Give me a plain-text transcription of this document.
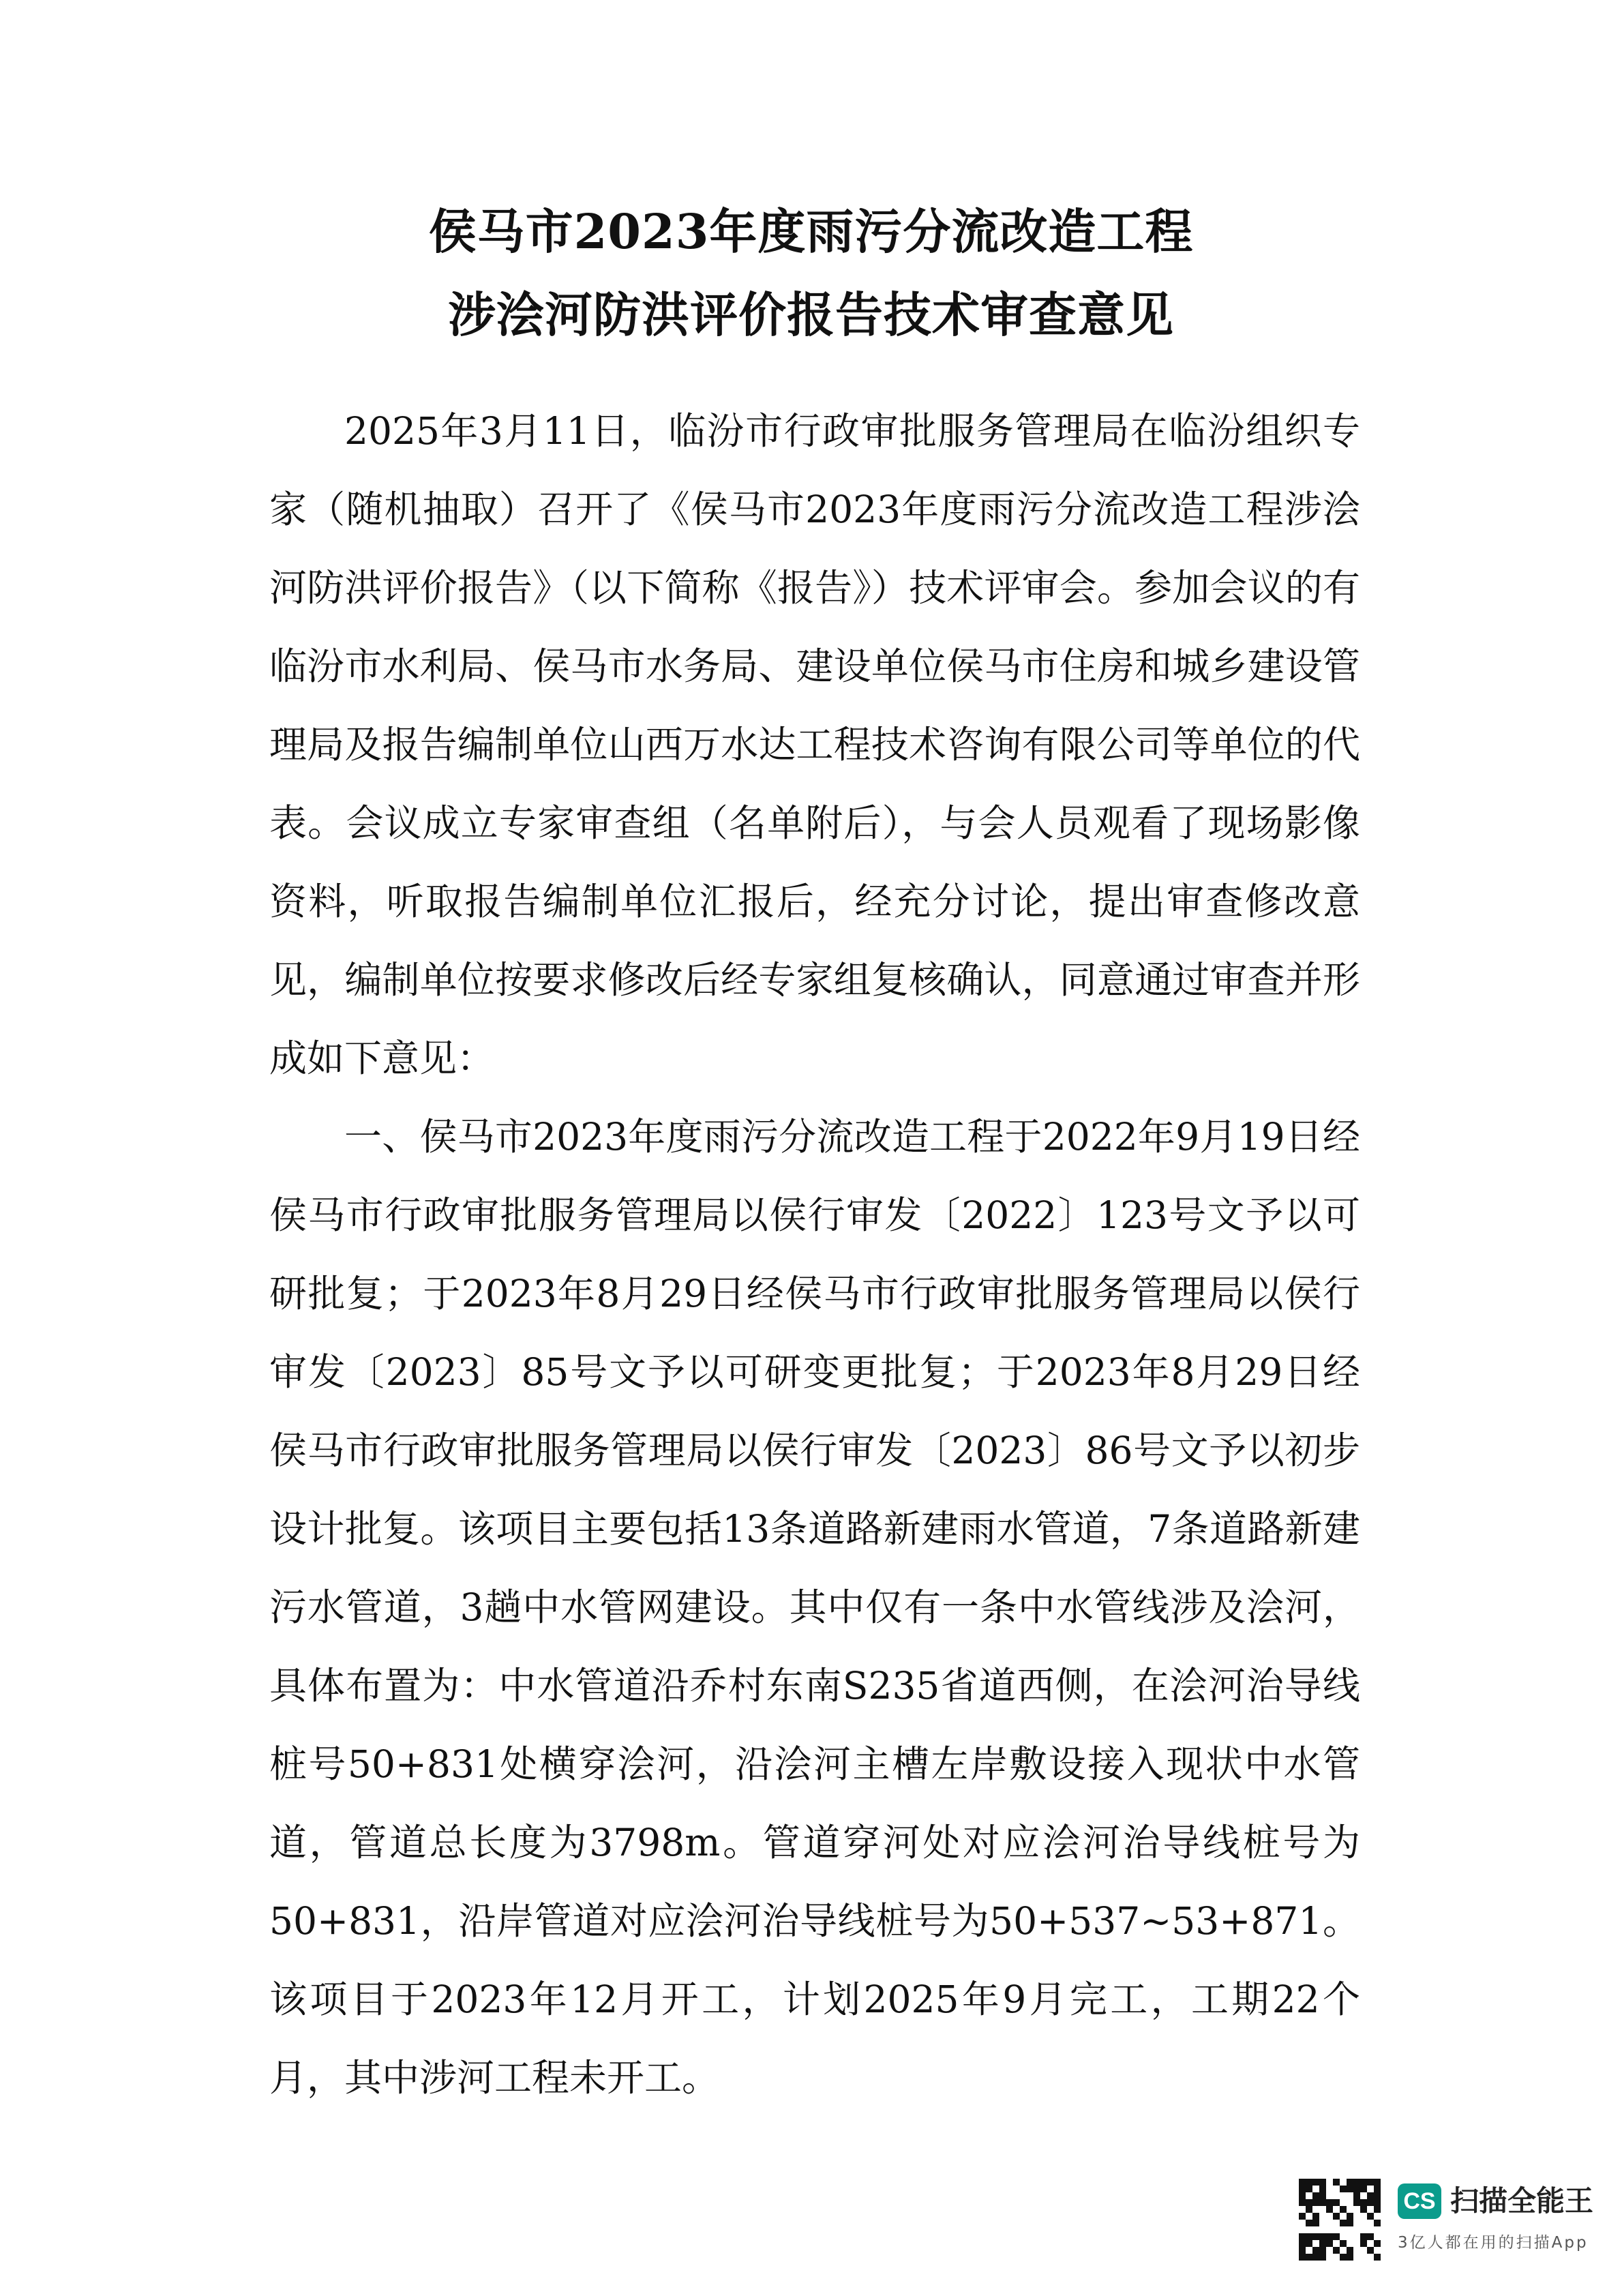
侯马市2023年度雨污分流改造工程
涉浍河防洪评价报告技术审查意见

2025年3月11日，临汾市行政审批服务管理局在临汾组织专家（随机抽取）召开了《侯马市2023年度雨污分流改造工程涉浍河防洪评价报告》（以下简称《报告》）技术评审会。参加会议的有临汾市水利局、侯马市水务局、建设单位侯马市住房和城乡建设管理局及报告编制单位山西万水达工程技术咨询有限公司等单位的代表。会议成立专家审查组（名单附后），与会人员观看了现场影像资料，听取报告编制单位汇报后，经充分讨论，提出审查修改意见，编制单位按要求修改后经专家组复核确认，同意通过审查并形成如下意见：

一、侯马市2023年度雨污分流改造工程于2022年9月19日经侯马市行政审批服务管理局以侯行审发〔2022〕123号文予以可研批复；于2023年8月29日经侯马市行政审批服务管理局以侯行审发〔2023〕85号文予以可研变更批复；于2023年8月29日经侯马市行政审批服务管理局以侯行审发〔2023〕86号文予以初步设计批复。该项目主要包括13条道路新建雨水管道，7条道路新建污水管道，3趟中水管网建设。其中仅有一条中水管线涉及浍河，具体布置为：中水管道沿乔村东南S235省道西侧，在浍河治导线桩号50+831处横穿浍河，沿浍河主槽左岸敷设接入现状中水管道，管道总长度为3798m。管道穿河处对应浍河治导线桩号为50+831，沿岸管道对应浍河治导线桩号为50+537~53+871。该项目于2023年12月开工，计划2025年9月完工，工期22个月，其中涉河工程未开工。

CS 扫描全能王
3亿人都在用的扫描App
